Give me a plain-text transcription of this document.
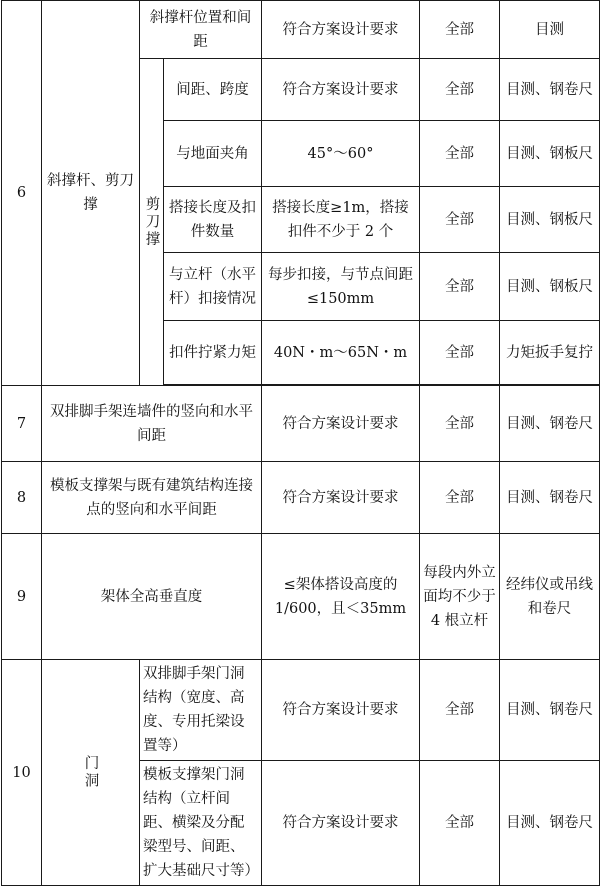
6	斜撑杆、剪刀撑	斜撑杆位置和间距		符合方案设计要求	全部	目测
		剪刀撑	间距、跨度	符合方案设计要求	全部	目测、钢卷尺
			与地面夹角	45°～60°	全部	目测、钢板尺
			搭接长度及扣件数量	搭接长度≥1m，搭接扣件不少于 2 个	全部	目测、钢板尺
			与立杆（水平杆）扣接情况	每步扣接，与节点间距≤150mm	全部	目测、钢板尺
			扣件拧紧力矩	40N・m～65N・m	全部	力矩扳手复拧

7	双排脚手架连墙件的竖向和水平间距			符合方案设计要求	全部	目测、钢卷尺
8	模板支撑架与既有建筑结构连接点的竖向和水平间距			符合方案设计要求	全部	目测、钢卷尺
9	架体全高垂直度			≤架体搭设高度的 1/600，且＜35mm	每段内外立面均不少于 4 根立杆	经纬仪或吊线和卷尺
10	门洞	双排脚手架门洞结构（宽度、高度、专用托梁设置等）		符合方案设计要求	全部	目测、钢卷尺
		模板支撑架门洞结构（立杆间距、横梁及分配梁型号、间距、扩大基础尺寸等）		符合方案设计要求	全部	目测、钢卷尺
